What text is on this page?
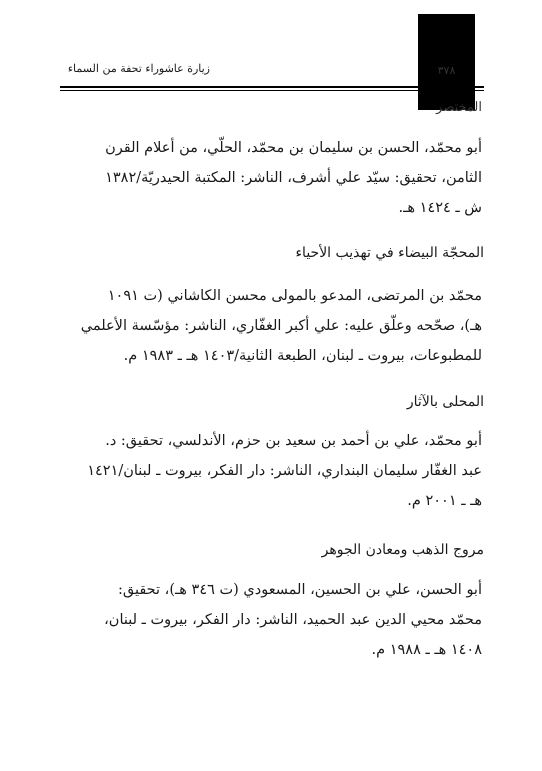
زيارة عاشوراء تحفة من السماء	٣٧٨
المختصر
أبو محمّد، الحسن بن سليمان بن محمّد، الحلّي، من أعلام القرن
الثامن، تحقيق: سيّد علي أشرف، الناشر: المكتبة الحيدريّة/١٣٨٢
ش ـ ١٤٢٤ هـ.
المحجّة البيضاء في تهذيب الأحياء
محمّد بن المرتضى، المدعو بالمولى محسن الكاشاني (ت ١٠٩١
هـ)، صحّحه وعلّق عليه: علي أكبر الغفّاري، الناشر: مؤسّسة الأعلمي
للمطبوعات، بيروت ـ لبنان، الطبعة الثانية/١٤٠٣ هـ ـ ١٩٨٣ م.
المحلى بالآثار
أبو محمّد، علي بن أحمد بن سعيد بن حزم، الأندلسي، تحقيق: د.
عبد الغفّار سليمان البنداري، الناشر: دار الفكر، بيروت ـ لبنان/١٤٢١
هـ ـ ٢٠٠١ م.
مروج الذهب ومعادن الجوهر
أبو الحسن، علي بن الحسين، المسعودي (ت ٣٤٦ هـ)، تحقيق:
محمّد محيي الدين عبد الحميد، الناشر: دار الفكر، بيروت ـ لبنان،
١٤٠٨ هـ ـ ١٩٨٨ م.
